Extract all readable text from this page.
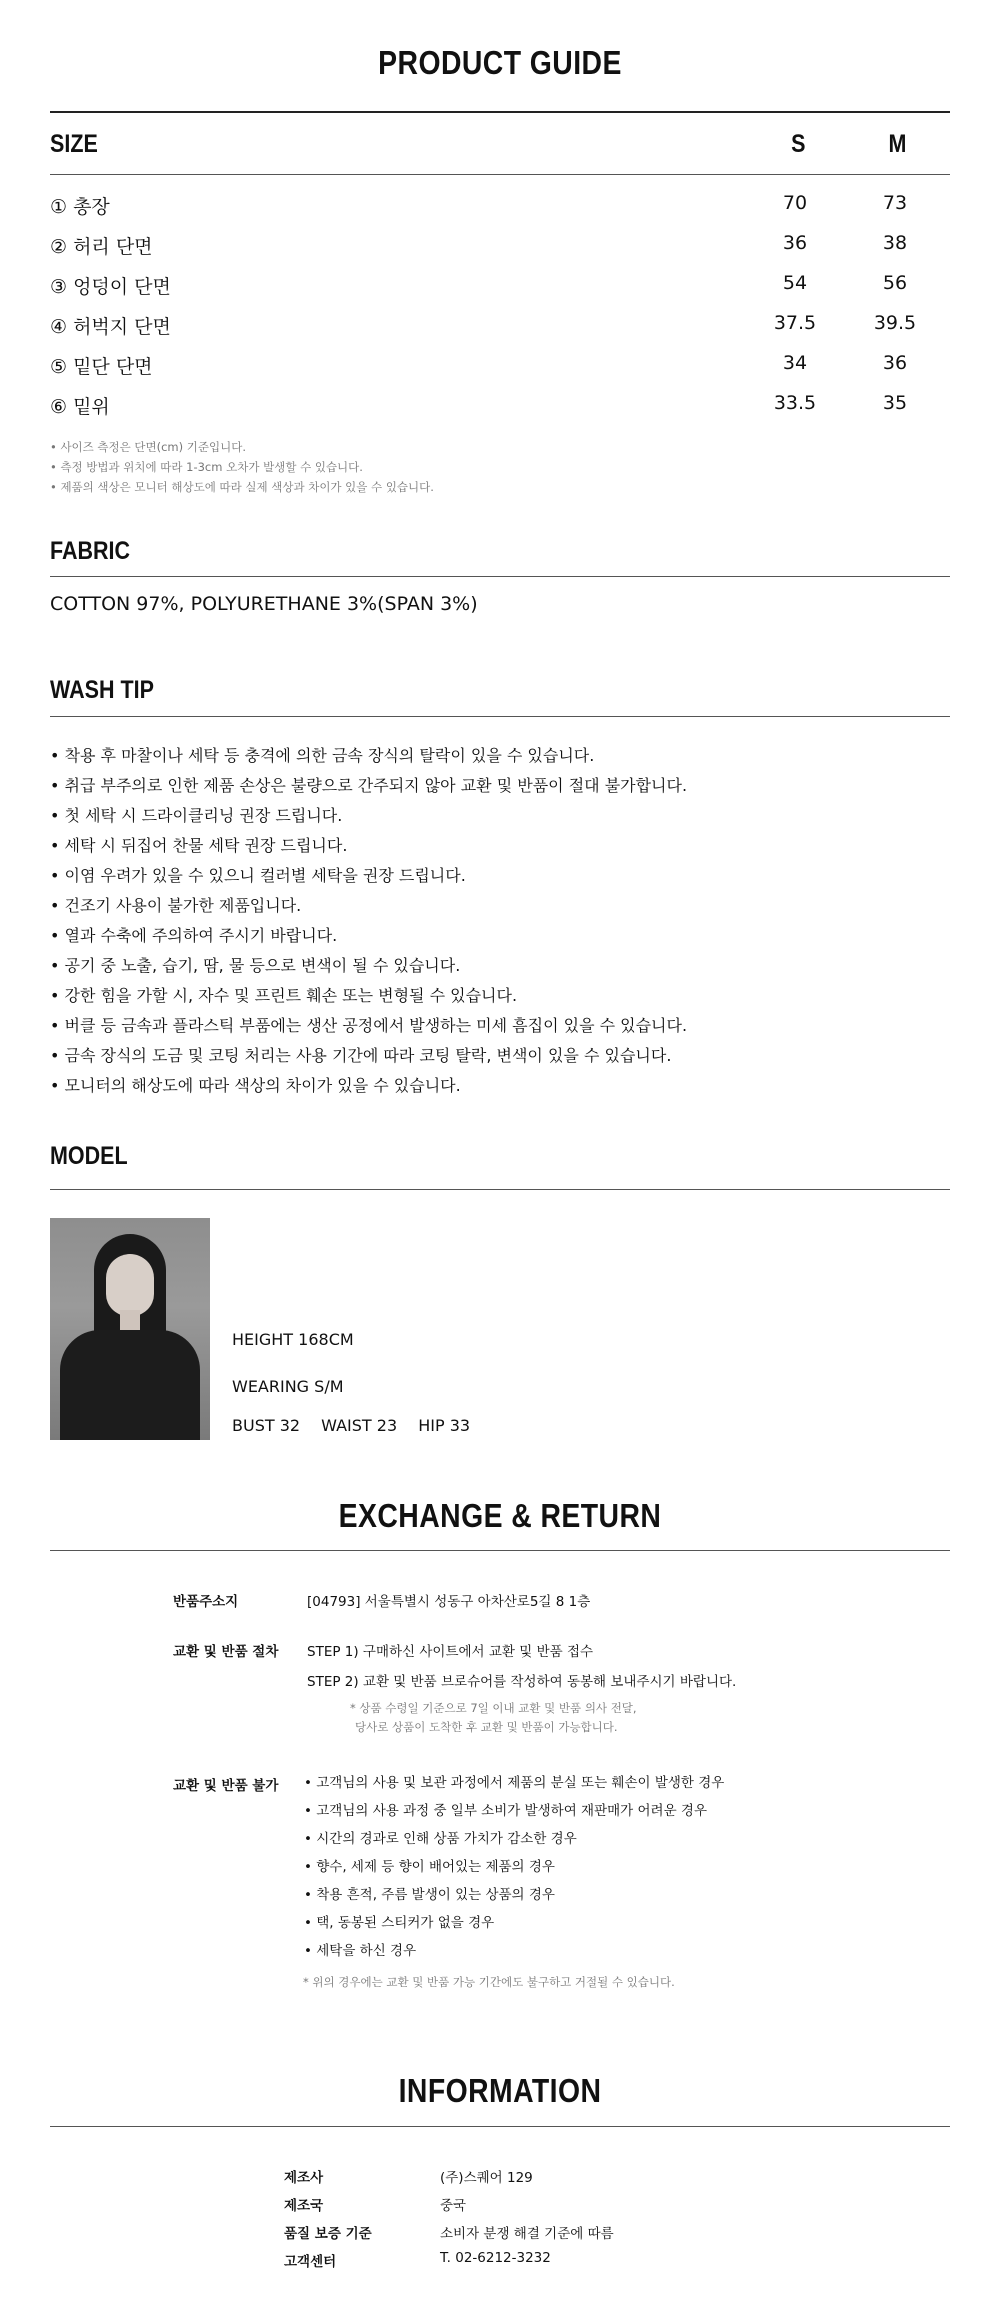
PRODUCT GUIDE
SIZE	S	M
① 총장	70	73
② 허리 단면	36	38
③ 엉덩이 단면	54	56
④ 허벅지 단면	37.5	39.5
⑤ 밑단 단면	34	36
⑥ 밑위	33.5	35
• 사이즈 측정은 단면(cm) 기준입니다.
• 측정 방법과 위치에 따라 1-3cm 오차가 발생할 수 있습니다.
• 제품의 색상은 모니터 해상도에 따라 실제 색상과 차이가 있을 수 있습니다.
FABRIC
COTTON 97%, POLYURETHANE 3%(SPAN 3%)
WASH TIP
• 착용 후 마찰이나 세탁 등 충격에 의한 금속 장식의 탈락이 있을 수 있습니다.
• 취급 부주의로 인한 제품 손상은 불량으로 간주되지 않아 교환 및 반품이 절대 불가합니다.
• 첫 세탁 시 드라이클리닝 권장 드립니다.
• 세탁 시 뒤집어 찬물 세탁 권장 드립니다.
• 이염 우려가 있을 수 있으니 컬러별 세탁을 권장 드립니다.
• 건조기 사용이 불가한 제품입니다.
• 열과 수축에 주의하여 주시기 바랍니다.
• 공기 중 노출, 습기, 땀, 물 등으로 변색이 될 수 있습니다.
• 강한 힘을 가할 시, 자수 및 프린트 훼손 또는 변형될 수 있습니다.
• 버클 등 금속과 플라스틱 부품에는 생산 공정에서 발생하는 미세 흠집이 있을 수 있습니다.
• 금속 장식의 도금 및 코팅 처리는 사용 기간에 따라 코팅 탈락, 변색이 있을 수 있습니다.
• 모니터의 해상도에 따라 색상의 차이가 있을 수 있습니다.
MODEL
HEIGHT 168CM
WEARING S/M
BUST 32 WAIST 23 HIP 33
EXCHANGE & RETURN
반품주소지	[04793] 서울특별시 성동구 아차산로5길 8 1층
교환 및 반품 절차 STEP 1) 구매하신 사이트에서 교환 및 반품 접수
STEP 2) 교환 및 반품 브로슈어를 작성하여 동봉해 보내주시기 바랍니다.
* 상품 수령일 기준으로 7일 이내 교환 및 반품 의사 전달,
당사로 상품이 도착한 후 교환 및 반품이 가능합니다.
교환 및 반품 불가 • 고객님의 사용 및 보관 과정에서 제품의 분실 또는 훼손이 발생한 경우
• 고객님의 사용 과정 중 일부 소비가 발생하여 재판매가 어려운 경우
• 시간의 경과로 인해 상품 가치가 감소한 경우
• 향수, 세제 등 향이 배어있는 제품의 경우
• 착용 흔적, 주름 발생이 있는 상품의 경우
• 택, 동봉된 스티커가 없을 경우
• 세탁을 하신 경우
* 위의 경우에는 교환 및 반품 가능 기간에도 불구하고 거절될 수 있습니다.
INFORMATION
제조사	(주)스퀘어 129
제조국	중국
품질 보증 기준	소비자 분쟁 해결 기준에 따름
고객센터	T. 02-6212-3232
